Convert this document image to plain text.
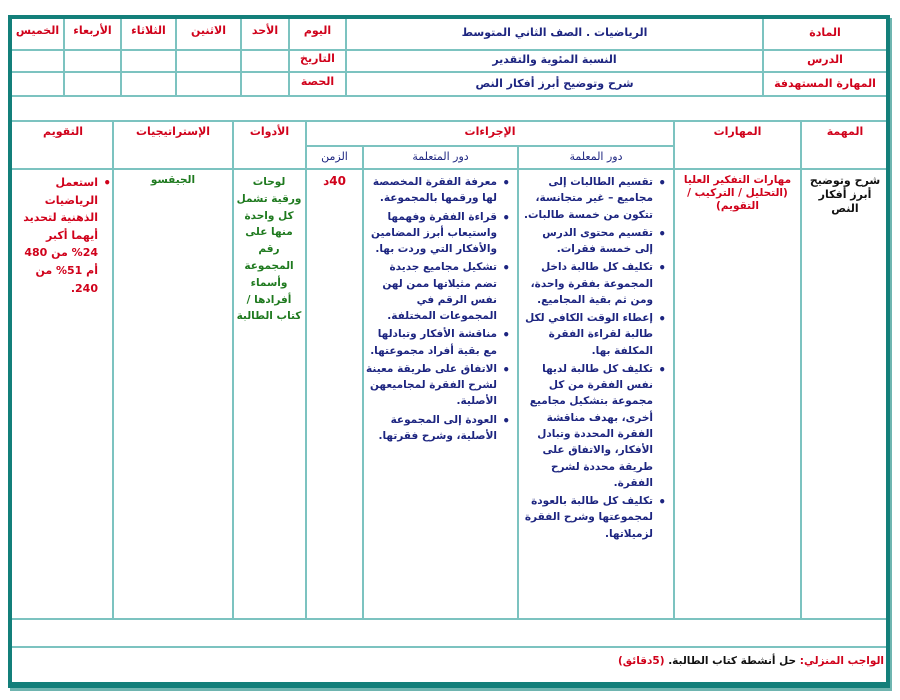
اليوم
التاريخ
الحصة
الأحد
الاثنين
الثلاثاء
الأربعاء
الخميس	المادة
الدرس
المهارة المستهدفة
الرياضيات . الصف الثاني المتوسط
النسبة المئوية والتقدير
شرح وتوضيح أبرز أفكار النص
المهمة
المهارات
الإجراءات
دور المعلمة
دور المتعلمة
الزمن
الأدوات
الإستراتيجيات
التقويم
شرح وتوضيح أبرز أفكار النص
مهارات التفكير العليا
(التحليل / التركيب / التقويم)
• تقسيم الطالبات إلى مجاميع – غير متجانسة، تتكون من خمسة طالبات.
• تقسيم محتوى الدرس إلى خمسة فقرات.
• تكليف كل طالبة داخل المجموعة بفقرة واحدة، ومن ثم بقية المجاميع.
• إعطاء الوقت الكافي لكل طالبة لقراءة الفقرة المكلفة بها.
• تكليف كل طالبة لديها نفس الفقرة من كل مجموعة بتشكيل مجاميع أخرى، بهدف مناقشة الفقرة المحددة وتبادل الأفكار، والاتفاق على طريقة محددة لشرح الفقرة.
• تكليف كل طالبة بالعودة لمجموعتها وشرح الفقرة لزميلاتها.
• معرفة الفقرة المخصصة لها ورقمها بالمجموعة.
• قراءة الفقرة وفهمها واستيعاب أبرز المضامين والأفكار التي وردت بها.
• تشكيل مجاميع جديدة تضم مثيلاتها ممن لهن نفس الرقم في المجموعات المختلفة.
• مناقشة الأفكار وتبادلها مع بقية أفراد مجموعتها.
• الاتفاق على طريقة معينة لشرح الفقرة لمجاميعهن الأصلية.
• العودة إلى المجموعة الأصلية، وشرح فقرتها.
40د
لوحات ورقية تشمل كل واحدة منها على رقم المجموعة وأسماء أفرادها / كتاب الطالبة
الجيقسو
• استعمل الرياضيات الذهنية لتحديد أيهما أكبر 24% من 480 أم 51% من 240.
الواجب المنزلي: حل أنشطة كتاب الطالبة. (5دقائق)
